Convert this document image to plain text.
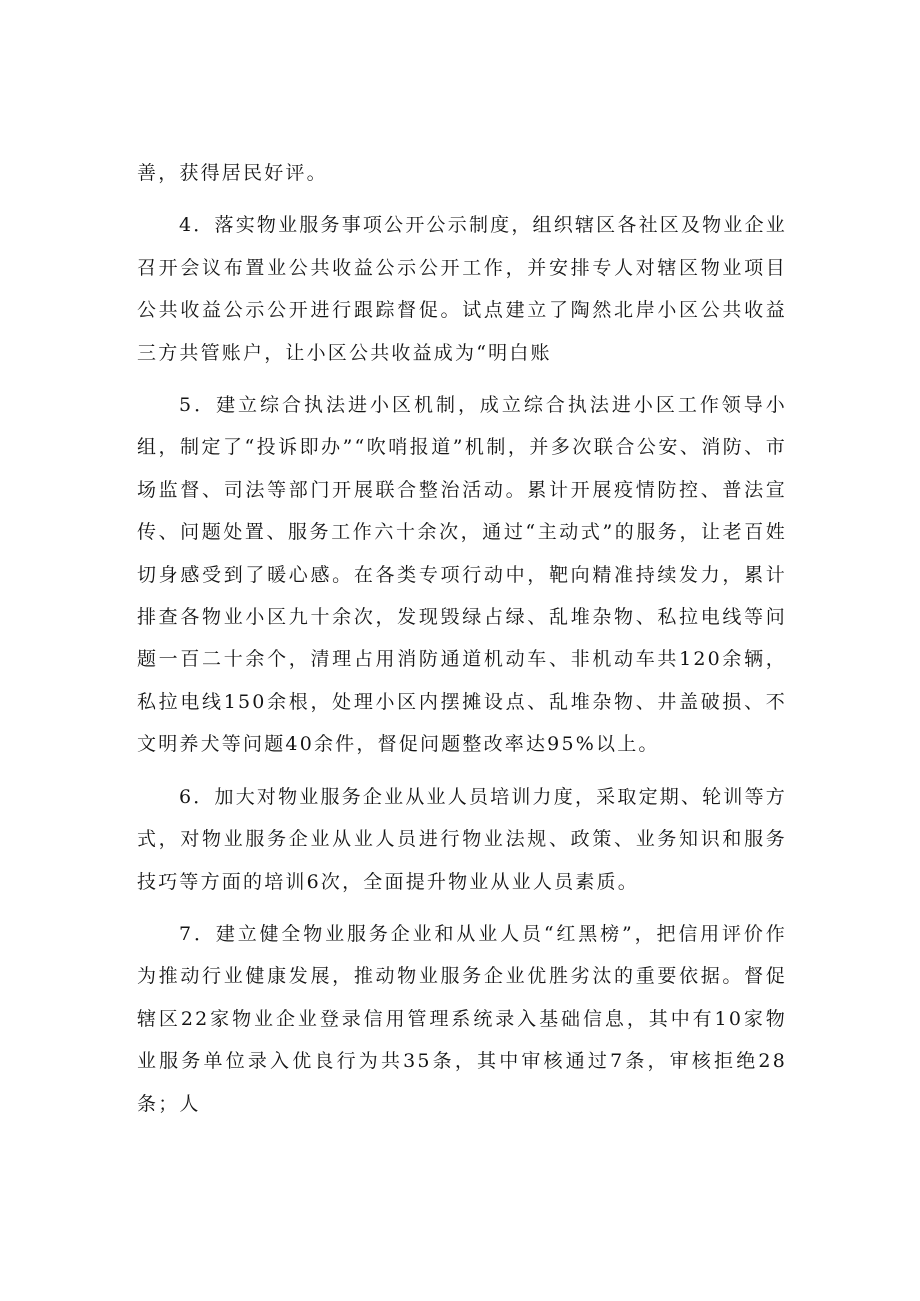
善，获得居民好评。

4．落实物业服务事项公开公示制度，组织辖区各社区及物业企业召开会议布置业公共收益公示公开工作，并安排专人对辖区物业项目公共收益公示公开进行跟踪督促。试点建立了陶然北岸小区公共收益三方共管账户，让小区公共收益成为“明白账

5．建立综合执法进小区机制，成立综合执法进小区工作领导小组，制定了“投诉即办”“吹哨报道”机制，并多次联合公安、消防、市场监督、司法等部门开展联合整治活动。累计开展疫情防控、普法宣传、问题处置、服务工作六十余次，通过“主动式”的服务，让老百姓切身感受到了暖心感。在各类专项行动中，靶向精准持续发力，累计排查各物业小区九十余次，发现毁绿占绿、乱堆杂物、私拉电线等问题一百二十余个，清理占用消防通道机动车、非机动车共120余辆，私拉电线150余根，处理小区内摆摊设点、乱堆杂物、井盖破损、不文明养犬等问题40余件，督促问题整改率达95%以上。

6．加大对物业服务企业从业人员培训力度，采取定期、轮训等方式，对物业服务企业从业人员进行物业法规、政策、业务知识和服务技巧等方面的培训6次，全面提升物业从业人员素质。

7．建立健全物业服务企业和从业人员“红黑榜”，把信用评价作为推动行业健康发展，推动物业服务企业优胜劣汰的重要依据。督促辖区22家物业企业登录信用管理系统录入基础信息，其中有10家物业服务单位录入优良行为共35条，其中审核通过7条，审核拒绝28条；人
